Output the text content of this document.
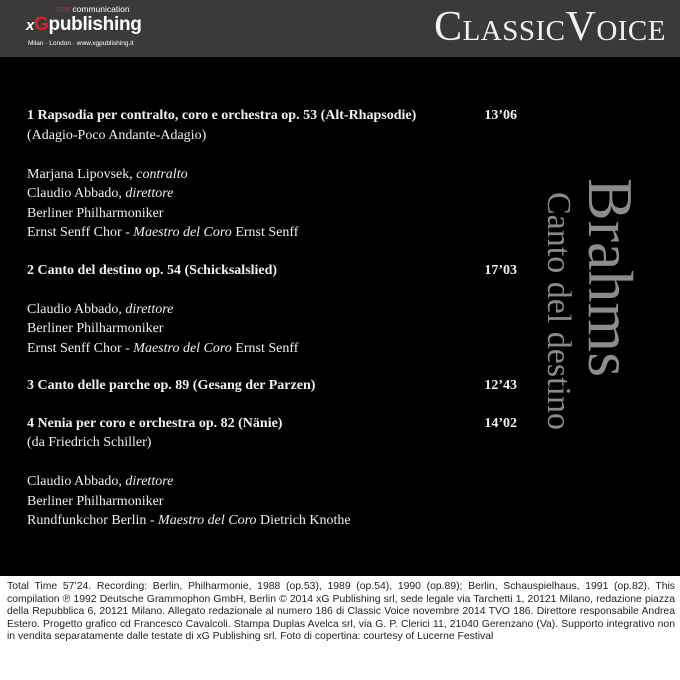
SEP communication
xGpublishing
Milan · London · www.xgpublishing.it	ClassicVoice
1 Rapsodia per contralto, coro e orchestra op. 53 (Alt-Rhapsodie)	13’06
(Adagio-Poco Andante-Adagio)
Marjana Lipovsek, contralto
Claudio Abbado, direttore
Berliner Philharmoniker
Ernst Senff Chor - Maestro del Coro Ernst Senff
2 Canto del destino op. 54 (Schicksalslied)	17’03
Claudio Abbado, direttore
Berliner Philharmoniker
Ernst Senff Chor - Maestro del Coro Ernst Senff
3 Canto delle parche op. 89 (Gesang der Parzen)	12’43
4 Nenia per coro e orchestra op. 82 (Nänie)	14’02
(da Friedrich Schiller)
Claudio Abbado, direttore
Berliner Philharmoniker
Rundfunkchor Berlin - Maestro del Coro Dietrich Knothe
Brahms
Canto del destino
Total Time 57’24. Recording: Berlin, Philharmonie, 1988 (op.53), 1989 (op.54), 1990 (op.89); Berlin, Schauspielhaus, 1991 (op.82). This compilation ℗ 1992 Deutsche Grammophon GmbH, Berlin © 2014 xG Publishing srl, sede legale via Tarchetti 1, 20121 Milano, redazione piazza della Repubblica 6, 20121 Milano. Allegato redazionale al numero 186 di Classic Voice novembre 2014 TVO 186. Direttore responsabile Andrea Estero. Progetto grafico cd Francesco Cavalcoli. Stampa Duplas Avelca srl, via G. P. Clerici 11, 21040 Gerenzano (Va). Supporto integrativo non in vendita separatamente dalle testate di xG Publishing srl. Foto di copertina: courtesy of Lucerne Festival
